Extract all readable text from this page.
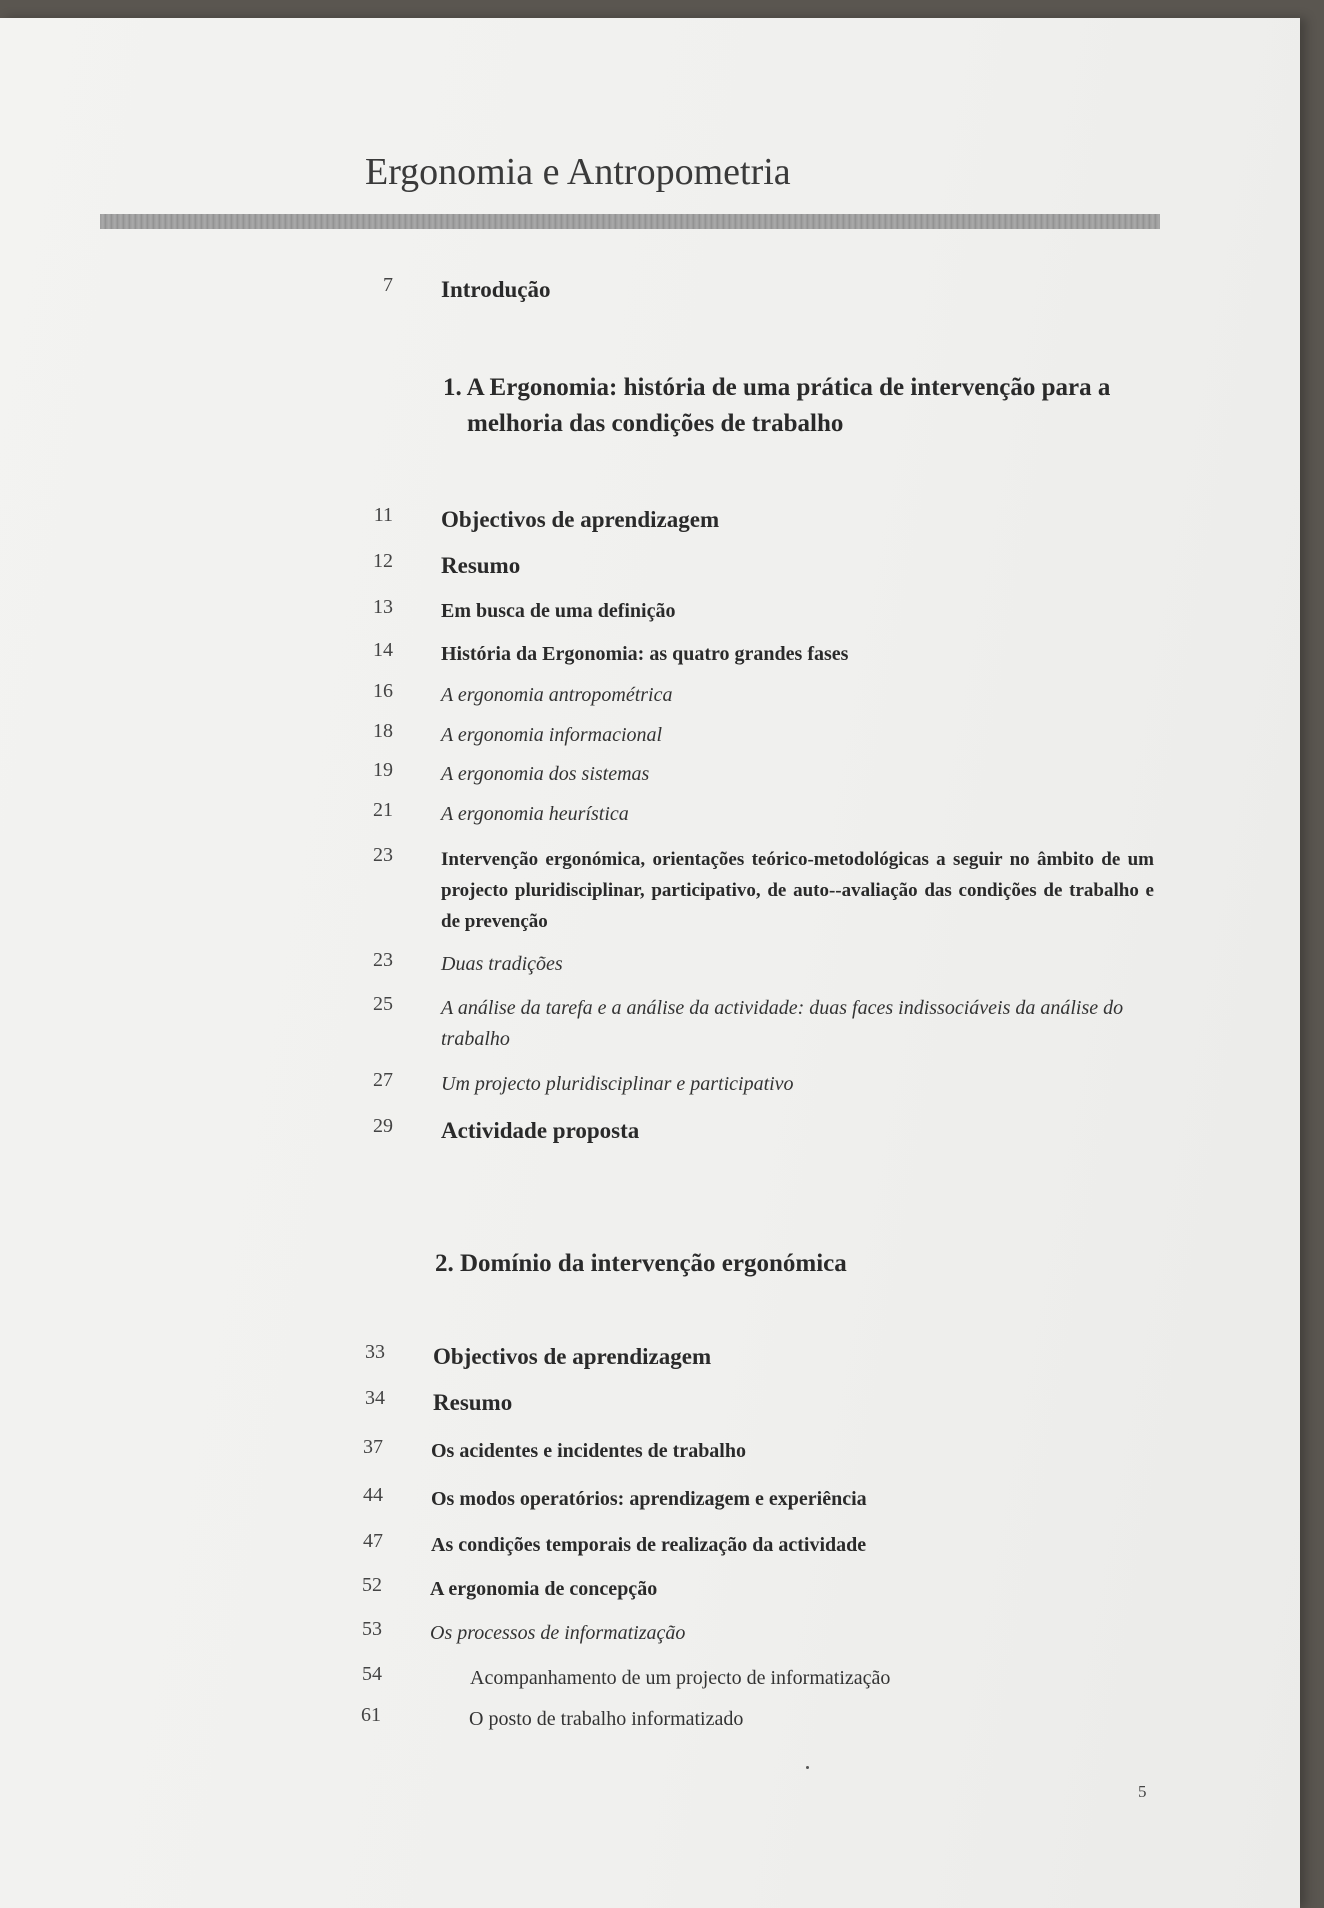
Ergonomia e Antropometria
7 Introdução
1. A Ergonomia: história de uma prática de intervenção para a melhoria das condições de trabalho
11 Objectivos de aprendizagem
12 Resumo
13 Em busca de uma definição
14 História da Ergonomia: as quatro grandes fases
16 A ergonomia antropométrica
18 A ergonomia informacional
19 A ergonomia dos sistemas
21 A ergonomia heurística
23	Intervenção ergonómica, orientações teórico-metodológicas a seguir no âmbito de um projecto pluridisciplinar, participativo, de auto--avaliação das condições de trabalho e de prevenção
23 Duas tradições
25 A análise da tarefa e a análise da actividade: duas faces indissociáveis da análise do trabalho
27 Um projecto pluridisciplinar e participativo
29 Actividade proposta
2. Domínio da intervenção ergonómica
33 Objectivos de aprendizagem
34 Resumo
37 Os acidentes e incidentes de trabalho
44 Os modos operatórios: aprendizagem e experiência
47 As condições temporais de realização da actividade
52 A ergonomia de concepção
53 Os processos de informatização
54	Acompanhamento de um projecto de informatização
61	O posto de trabalho informatizado
5
